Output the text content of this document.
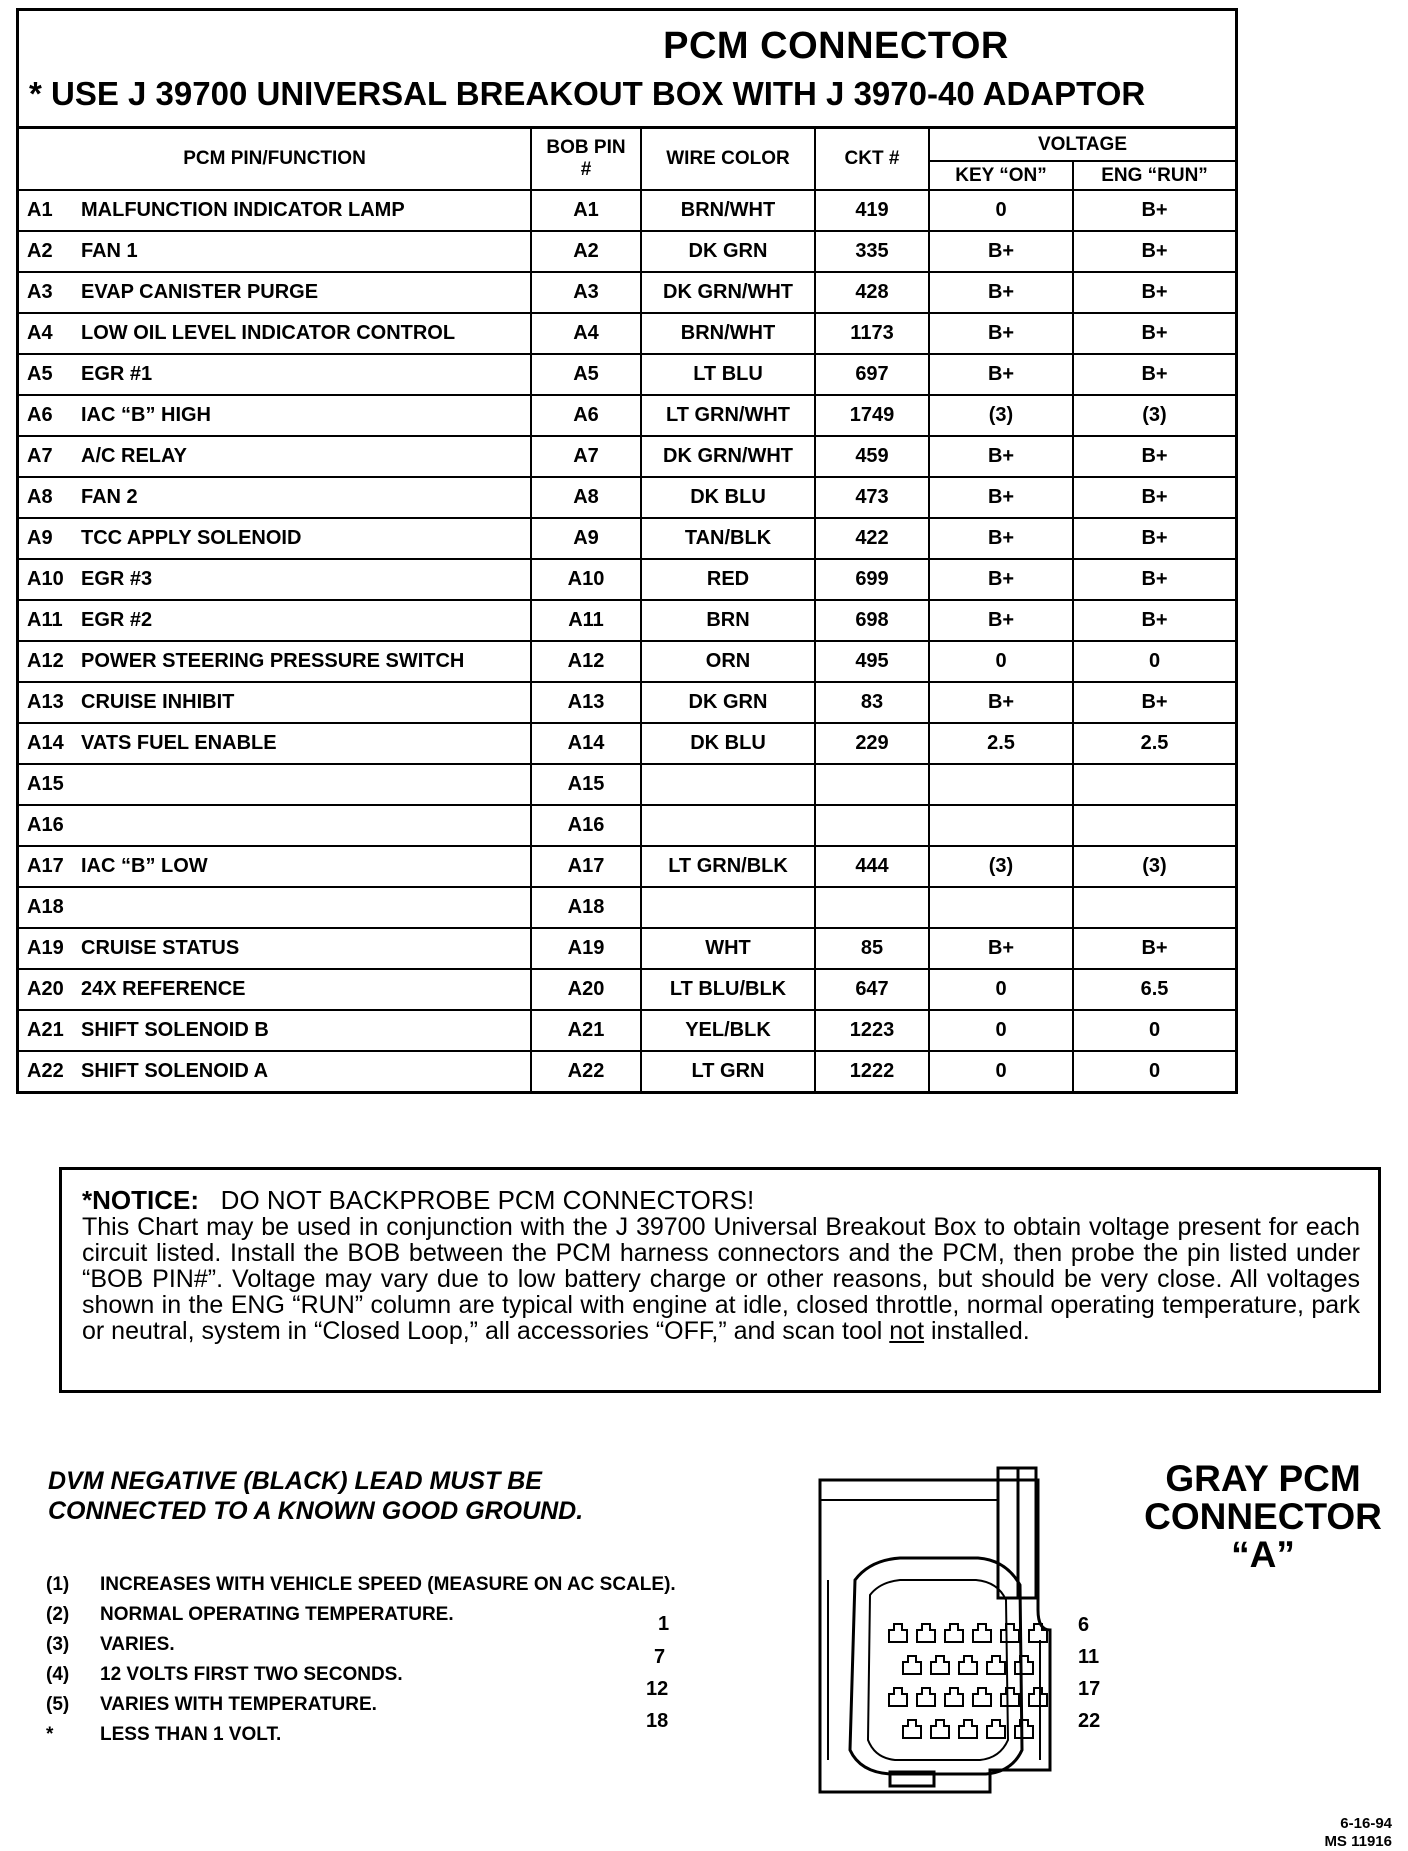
PCM CONNECTOR
* USE J 39700 UNIVERSAL BREAKOUT BOX WITH J 3970-40 ADAPTOR
PCM PIN/FUNCTION	BOB PIN
#	WIRE COLOR	CKT #	VOLTAGE	
				KEY “ON”	ENG “RUN”
A1 MALFUNCTION INDICATOR LAMP	A1	BRN/WHT	419	0	B+
A2 FAN 1	A2	DK GRN	335	B+	B+
A3 EVAP CANISTER PURGE	A3	DK GRN/WHT	428	B+	B+
A4 LOW OIL LEVEL INDICATOR CONTROL	A4	BRN/WHT	1173	B+	B+
A5 EGR #1	A5	LT BLU	697	B+	B+
A6 IAC “B” HIGH	A6	LT GRN/WHT	1749	(3)	(3)
A7 A/C RELAY	A7	DK GRN/WHT	459	B+	B+
A8 FAN 2	A8	DK BLU	473	B+	B+
A9 TCC APPLY SOLENOID	A9	TAN/BLK	422	B+	B+
A10 EGR #3	A10	RED	699	B+	B+
A11 EGR #2	A11	BRN	698	B+	B+
A12 POWER STEERING PRESSURE SWITCH	A12	ORN	495	0	0
A13 CRUISE INHIBIT	A13	DK GRN	83	B+	B+
A14 VATS FUEL ENABLE	A14	DK BLU	229	2.5	2.5
A15	A15				
A16	A16				
A17 IAC “B” LOW	A17	LT GRN/BLK	444	(3)	(3)
A18	A18				
A19 CRUISE STATUS	A19	WHT	85	B+	B+
A20 24X REFERENCE	A20	LT BLU/BLK	647	0	6.5
A21 SHIFT SOLENOID B	A21	YEL/BLK	1223	0	0
A22 SHIFT SOLENOID A	A22	LT GRN	1222	0	0
*NOTICE: DO NOT BACKPROBE PCM CONNECTORS!
This Chart may be used in conjunction with the J 39700 Universal Breakout Box to obtain voltage present for each circuit listed. Install the BOB between the PCM harness connectors and the PCM, then probe the pin listed under “BOB PIN#”. Voltage may vary due to low battery charge or other reasons, but should be very close. All voltages shown in the ENG “RUN” column are typical with engine at idle, closed throttle, normal operating temperature, park or neutral, system in “Closed Loop,” all accessories “OFF,” and scan tool not installed.
DVM NEGATIVE (BLACK) LEAD MUST BE
CONNECTED TO A KNOWN GOOD GROUND.
(1) INCREASES WITH VEHICLE SPEED (MEASURE ON AC SCALE).
(2) NORMAL OPERATING TEMPERATURE.
(3) VARIES.
(4) 12 VOLTS FIRST TWO SECONDS.
(5) VARIES WITH TEMPERATURE.
* LESS THAN 1 VOLT.
1
7
12
18
6
11
17
22
GRAY PCM
CONNECTOR
“A”
6-16-94
MS 11916
